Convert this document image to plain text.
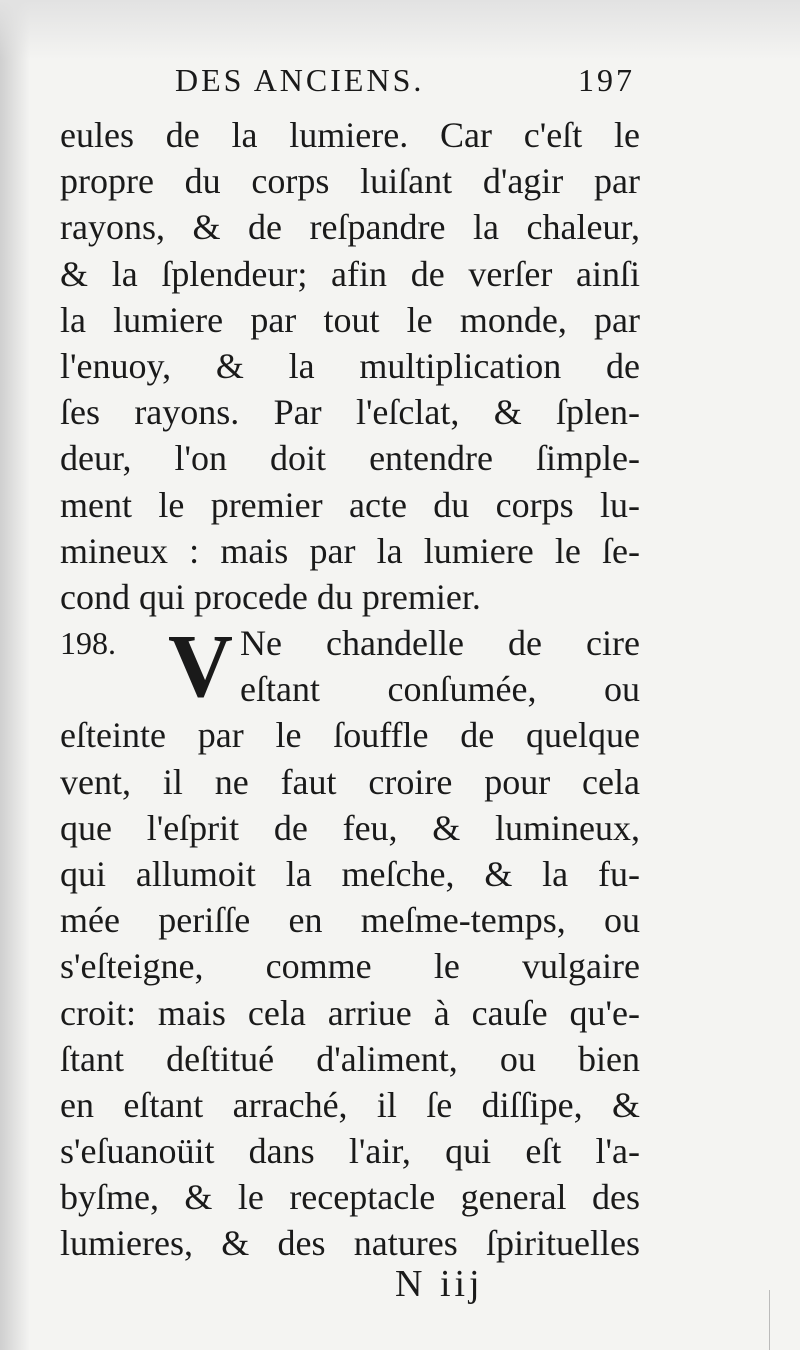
DES ANCIENS.	197
eules de la lumiere. Car c'eſt le
propre du corps luiſant d'agir par
rayons, & de reſpandre la chaleur,
& la ſplendeur; afin de verſer ainſi
la lumiere par tout le monde, par
l'enuoy, & la multiplication de
ſes rayons. Par l'eſclat, & ſplen-
deur, l'on doit entendre ſimple-
ment le premier acte du corps lu-
mineux : mais par la lumiere le ſe-
cond qui procede du premier.
198. V Ne chandelle de cire
eſtant conſumée, ou
eſteinte par le ſouffle de quelque
vent, il ne faut croire pour cela
que l'eſprit de feu, & lumineux,
qui allumoit la meſche, & la fu-
mée periſſe en meſme-temps, ou
s'eſteigne, comme le vulgaire
croit: mais cela arriue à cauſe qu'e-
ſtant deſtitué d'aliment, ou bien
en eſtant arraché, il ſe diſſipe, &
s'eſuanoüit dans l'air, qui eſt l'a-
byſme, & le receptacle general des
lumieres, & des natures ſpirituelles
N iij
